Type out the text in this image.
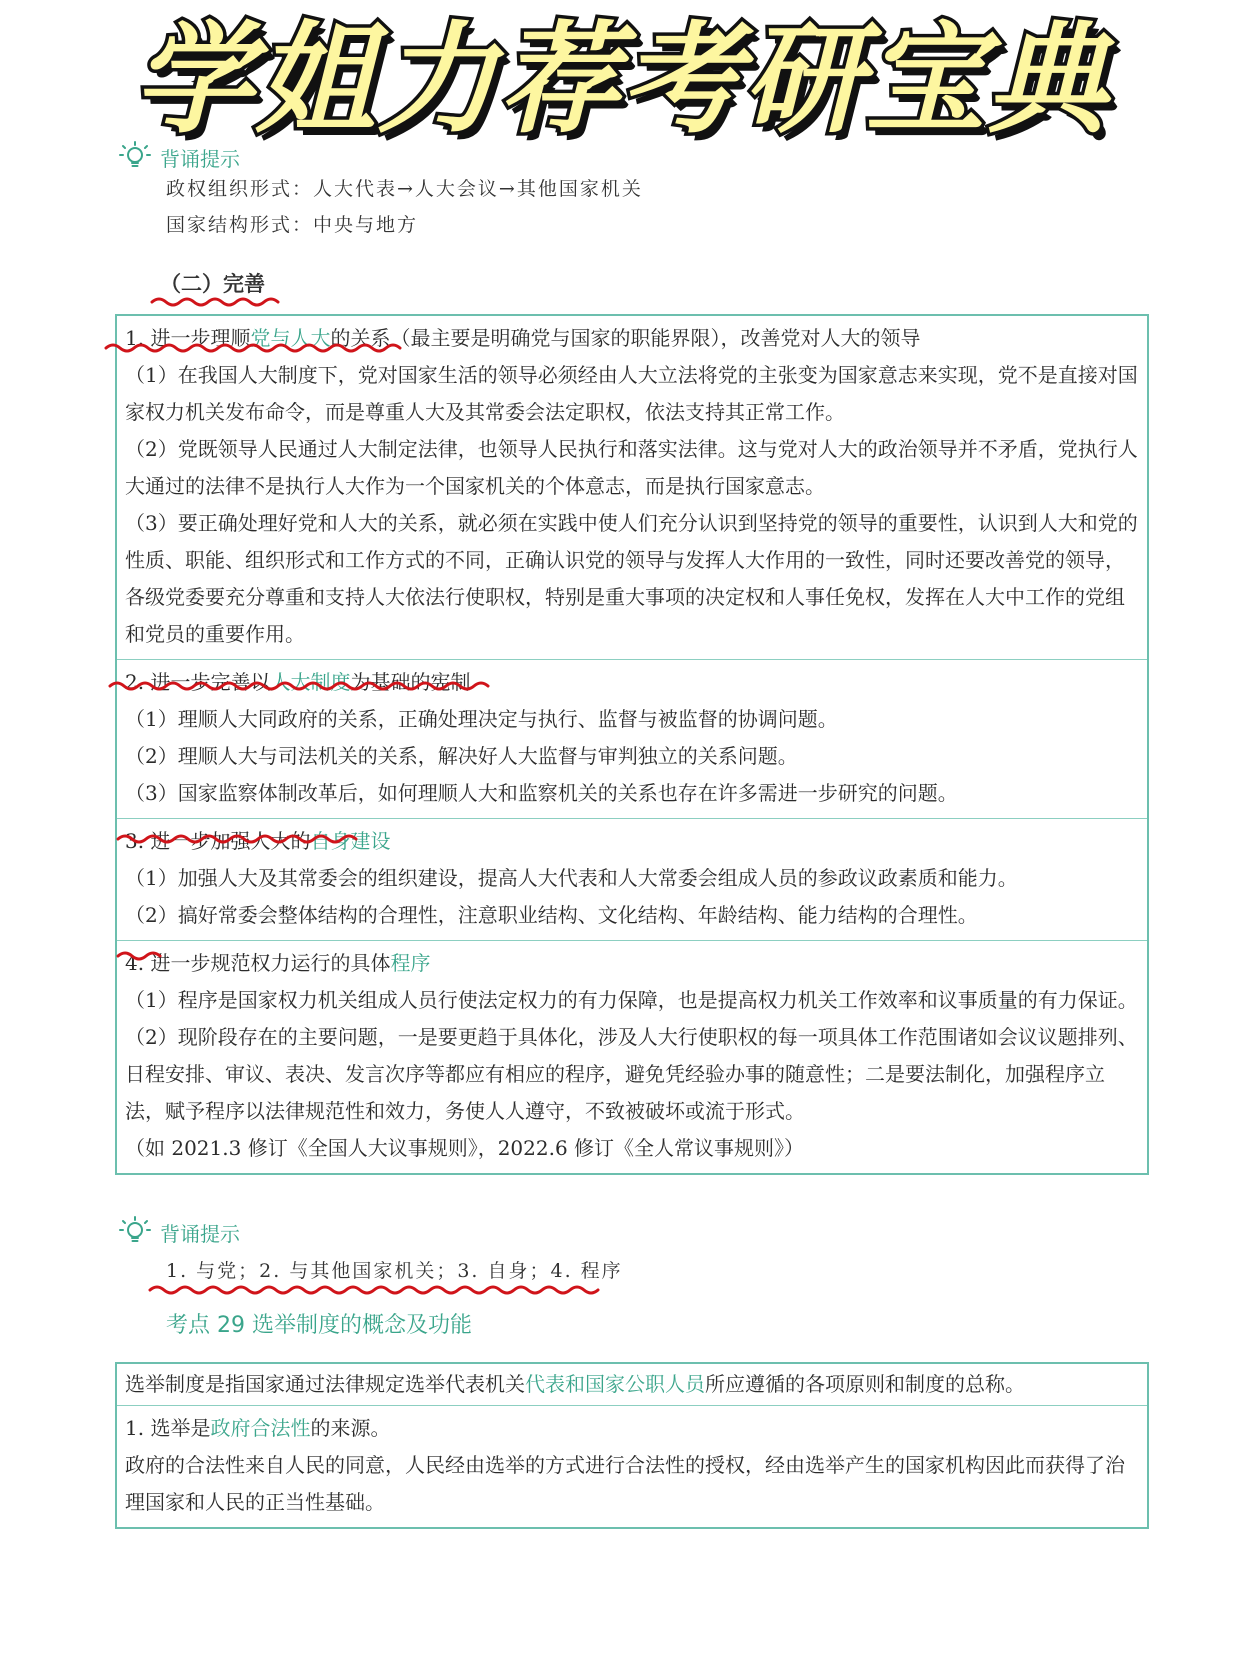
学姐力荐考研宝典
背诵提示
政权组织形式：人大代表→人大会议→其他国家机关
国家结构形式：中央与地方
（二）完善

1. 进一步理顺党与人大的关系（最主要是明确党与国家的职能界限），改善党对人大的领导

（1）在我国人大制度下，党对国家生活的领导必须经由人大立法将党的主张变为国家意志来实现，党不是直接对国家权力机关发布命令，而是尊重人大及其常委会法定职权，依法支持其正常工作。

（2）党既领导人民通过人大制定法律，也领导人民执行和落实法律。这与党对人大的政治领导并不矛盾，党执行人大通过的法律不是执行人大作为一个国家机关的个体意志，而是执行国家意志。

（3）要正确处理好党和人大的关系，就必须在实践中使人们充分认识到坚持党的领导的重要性，认识到人大和党的性质、职能、组织形式和工作方式的不同，正确认识党的领导与发挥人大作用的一致性，同时还要改善党的领导，各级党委要充分尊重和支持人大依法行使职权，特别是重大事项的决定权和人事任免权，发挥在人大中工作的党组和党员的重要作用。

2. 进一步完善以人大制度为基础的宪制

（1）理顺人大同政府的关系，正确处理决定与执行、监督与被监督的协调问题。

（2）理顺人大与司法机关的关系，解决好人大监督与审判独立的关系问题。

（3）国家监察体制改革后，如何理顺人大和监察机关的关系也存在许多需进一步研究的问题。

3. 进一步加强人大的自身建设

（1）加强人大及其常委会的组织建设，提高人大代表和人大常委会组成人员的参政议政素质和能力。

（2）搞好常委会整体结构的合理性，注意职业结构、文化结构、年龄结构、能力结构的合理性。

4. 进一步规范权力运行的具体程序

（1）程序是国家权力机关组成人员行使法定权力的有力保障，也是提高权力机关工作效率和议事质量的有力保证。

（2）现阶段存在的主要问题，一是要更趋于具体化，涉及人大行使职权的每一项具体工作范围诸如会议议题排列、日程安排、审议、表决、发言次序等都应有相应的程序，避免凭经验办事的随意性；二是要法制化，加强程序立法，赋予程序以法律规范性和效力，务使人人遵守，不致被破坏或流于形式。

（如 2021.3 修订《全国人大议事规则》，2022.6 修订《全人常议事规则》）

背诵提示
1. 与党；2. 与其他国家机关；3. 自身；4. 程序
考点 29 选举制度的概念及功能

选举制度是指国家通过法律规定选举代表机关代表和国家公职人员所应遵循的各项原则和制度的总称。

1. 选举是政府合法性的来源。

政府的合法性来自人民的同意，人民经由选举的方式进行合法性的授权，经由选举产生的国家机构因此而获得了治理国家和人民的正当性基础。
